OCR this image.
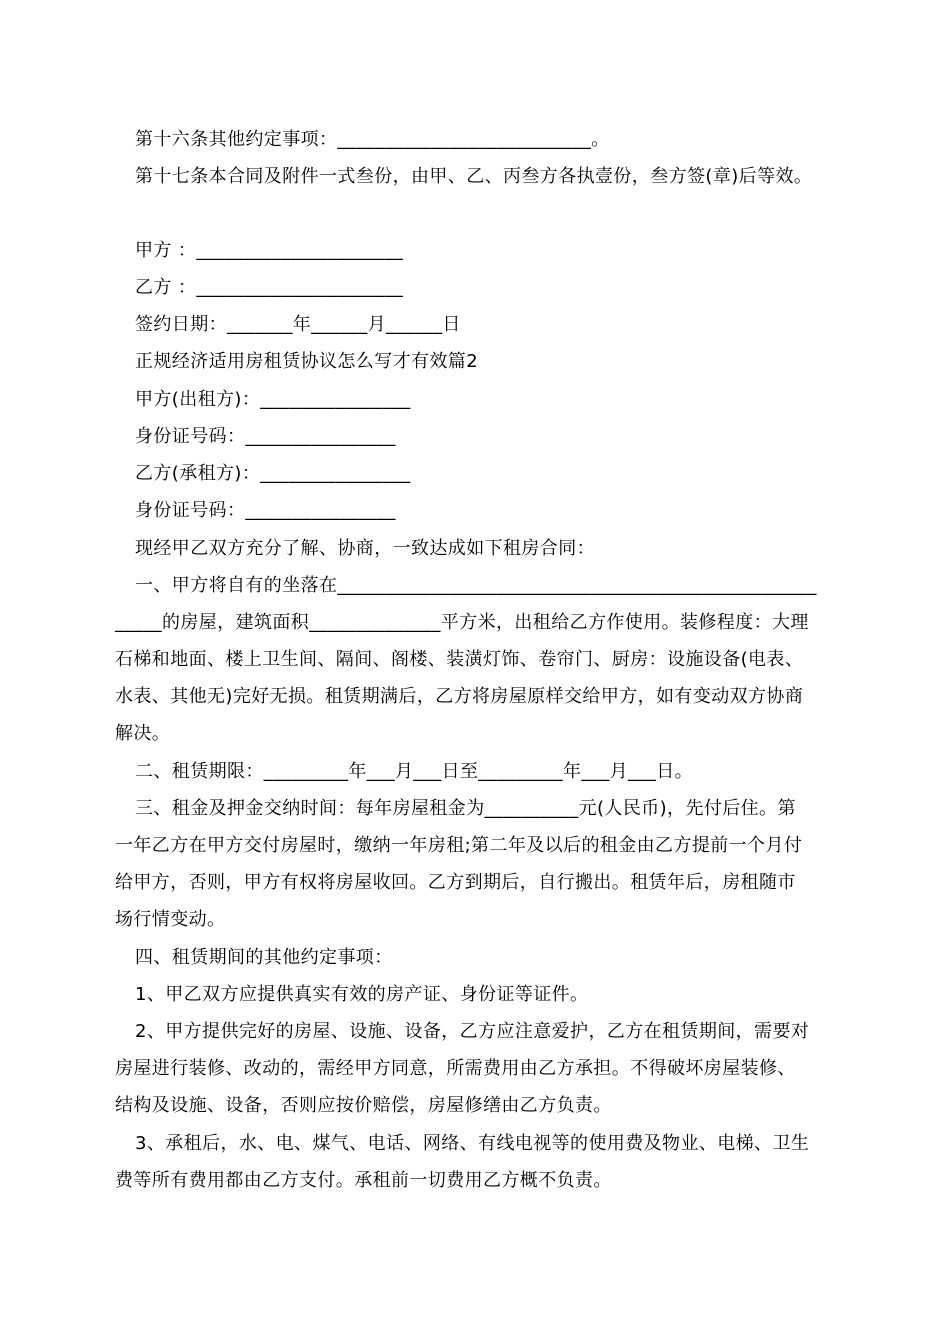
第十六条其他约定事项：___________________________。
第十七条本合同及附件一式叁份，由甲、乙、丙叁方各执壹份，叁方签(章)后等效。
甲方 ：______________________
乙方 ：______________________
签约日期：_______年______月______日
正规经济适用房租赁协议怎么写才有效篇2
甲方(出租方)：________________
身份证号码：________________
乙方(承租方)：________________
身份证号码：________________
现经甲乙双方充分了解、协商，一致达成如下租房合同：
一、甲方将自有的坐落在___________________________________________________
_____的房屋，建筑面积______________平方米，出租给乙方作使用。装修程度：大理
石梯和地面、楼上卫生间、隔间、阁楼、装潢灯饰、卷帘门、厨房：设施设备(电表、
水表、其他无)完好无损。租赁期满后，乙方将房屋原样交给甲方，如有变动双方协商
解决。
二、租赁期限：_________年___月___日至_________年___月___日。
三、租金及押金交纳时间：每年房屋租金为__________元(人民币)，先付后住。第
一年乙方在甲方交付房屋时，缴纳一年房租;第二年及以后的租金由乙方提前一个月付
给甲方，否则，甲方有权将房屋收回。乙方到期后，自行搬出。租赁年后，房租随市
场行情变动。
四、租赁期间的其他约定事项：
1、甲乙双方应提供真实有效的房产证、身份证等证件。
2、甲方提供完好的房屋、设施、设备，乙方应注意爱护，乙方在租赁期间，需要对
房屋进行装修、改动的，需经甲方同意，所需费用由乙方承担。不得破坏房屋装修、
结构及设施、设备，否则应按价赔偿，房屋修缮由乙方负责。
3、承租后，水、电、煤气、电话、网络、有线电视等的使用费及物业、电梯、卫生
费等所有费用都由乙方支付。承租前一切费用乙方概不负责。
